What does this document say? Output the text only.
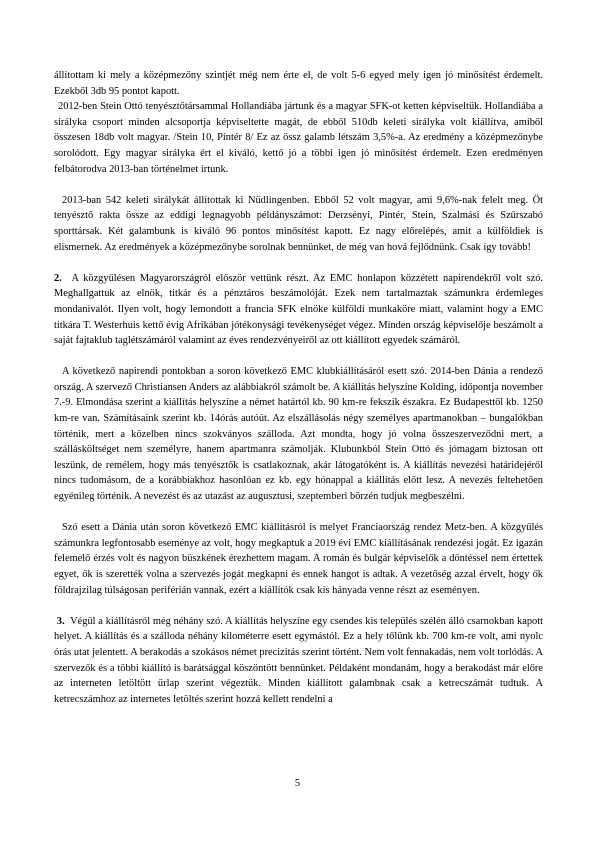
állítottam ki mely a középmezőny szintjét még nem érte el, de volt 5-6 egyed mely igen jó minősítést érdemelt. Ezekből 3db 95 pontot kapott.

2012-ben Stein Ottó tenyésztőtársammal Hollandiába jártunk és a magyar SFK-ot ketten képviseltük. Hollandiába a sirályka csoport minden alcsoportja képviseltette magát, de ebből 510db keleti sirályka volt kiállítva, amiből összesen 18db volt magyar. /Stein 10, Pintér 8/ Ez az össz galamb létszám 3,5%-a. Az eredmény a középmezőnybe sorolódott. Egy magyar sirályka ért el kiváló, kettő jó a többi igen jó minősítést érdemelt. Ezen eredményen felbátorodva 2013-ban történelmet írtunk.

2013-ban 542 keleti sirálykát állítottak ki Nüdlingenben. Ebből 52 volt magyar, ami 9,6%-nak felelt meg. Öt tenyésztő rakta össze az eddigi legnagyobb példányszámot: Derzsényi, Pintér, Stein, Szalmási és Szűrszabó sporttársak. Két galambunk is kiváló 96 pontos minősítést kapott. Ez nagy előrelépés, amit a külföldiek is elismernek. Az eredmények a középmezőnybe sorolnak bennünket, de még van hová fejlődnünk. Csak így tovább!

2. A közgyűlésen Magyarországról először vettünk részt. Az EMC honlapon közzétett napirendekről volt szó. Meghallgattuk az elnök, titkár és a pénztáros beszámolóját. Ezek nem tartalmaztak számunkra érdemleges mondanivalót. Ilyen volt, hogy lemondott a francia SFK elnöke külföldi munkaköre miatt, valamint hogy a EMC titkára T. Westerhuis kettő évig Afrikában jótékonysági tevékenységet végez. Minden ország képviselője beszámolt a saját fajtaklub taglétszámáról valamint az éves rendezvényeiről az ott kiállított egyedek számáról.

A következő napirendi pontokban a soron következő EMC klubkiállításáról esett szó. 2014-ben Dánia a rendező ország. A szervező Christiansen Anders az alábbiakról számolt be. A kiállítás helyszíne Kolding, időpontja november 7.-9. Elmondása szerint a kiállítás helyszíne a német határtól kb. 90 km-re fekszik északra. Ez Budapesttől kb. 1250 km-re van. Számításaink szerint kb. 14órás autóút. Az elszállásolás négy személyes apartmanokban – bungalókban történik, mert a közelben nincs szokványos szálloda. Azt mondta, hogy jó volna összeszerveződni mert, a szállásköltséget nem személyre, hanem apartmanra számolják. Klubunkból Stein Ottó és jómagam biztosan ott leszünk, de remélem, hogy más tenyésztők is csatlakoznak, akár látogatóként is. A kiállítás nevezési határidejéről nincs tudomásom, de a korábbiakhoz hasonlóan ez kb. egy hónappal a kiállítás előtt lesz. A nevezés feltehetően egyénileg történik. A nevezést és az utazást az augusztusi, szeptemberi börzén tudjuk megbeszélni.

Szó esett a Dánia után soron következő EMC kiállításról is melyet Franciaország rendez Metz-ben. A közgyűlés számunkra legfontosabb eseménye az volt, hogy megkaptuk a 2019 évi EMC kiállításának rendezési jogát. Ez igazán felemelő érzés volt és nagyon büszkének érezhettem magam. A román és bulgár képviselők a döntéssel nem értettek egyet, ők is szerették volna a szervezés jogát megkapni és ennek hangot is adtak. A vezetőség azzal érvelt, hogy ők földrajzilag túlságosan periférián vannak, ezért a kiállítók csak kis hányada venne részt az eseményen.

3. Végül a kiállításról még néhány szó. A kiállítás helyszíne egy csendes kis település szélén álló csarnokban kapott helyet. A kiállítás és a szálloda néhány kilométerre esett egymástól. Ez a hely tőlünk kb. 700 km-re volt, ami nyolc órás utat jelentett. A berakodás a szokásos német precizitás szerint történt. Nem volt fennakadás, nem volt torlódás. A szervezők és a többi kiállító is barátsággal köszöntött bennünket. Példaként mondanám, hogy a berakodást már előre az interneten letöltött űrlap szerint végeztük. Minden kiállított galambnak csak a ketrecszámát tudtuk. A ketrecszámhoz az internetes letöltés szerint hozzá kellett rendelni a

5
